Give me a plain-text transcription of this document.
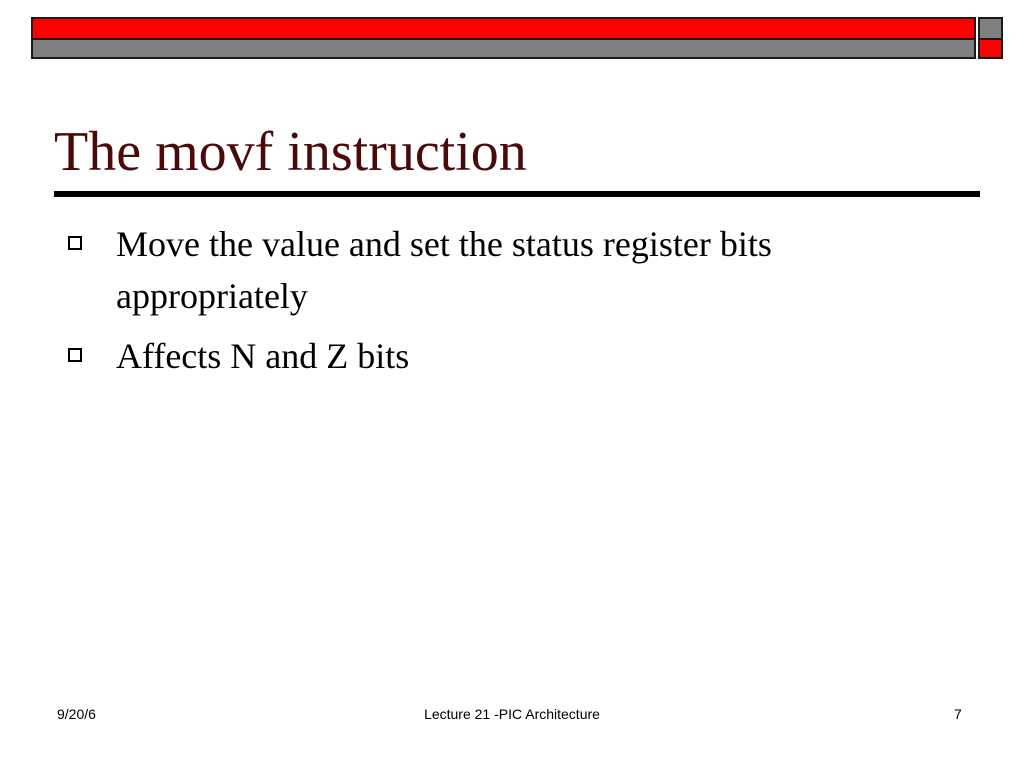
The movf instruction
Move the value and set the status register bits appropriately
Affects N and Z bits
9/20/6	Lecture 21 -PIC Architecture	7
